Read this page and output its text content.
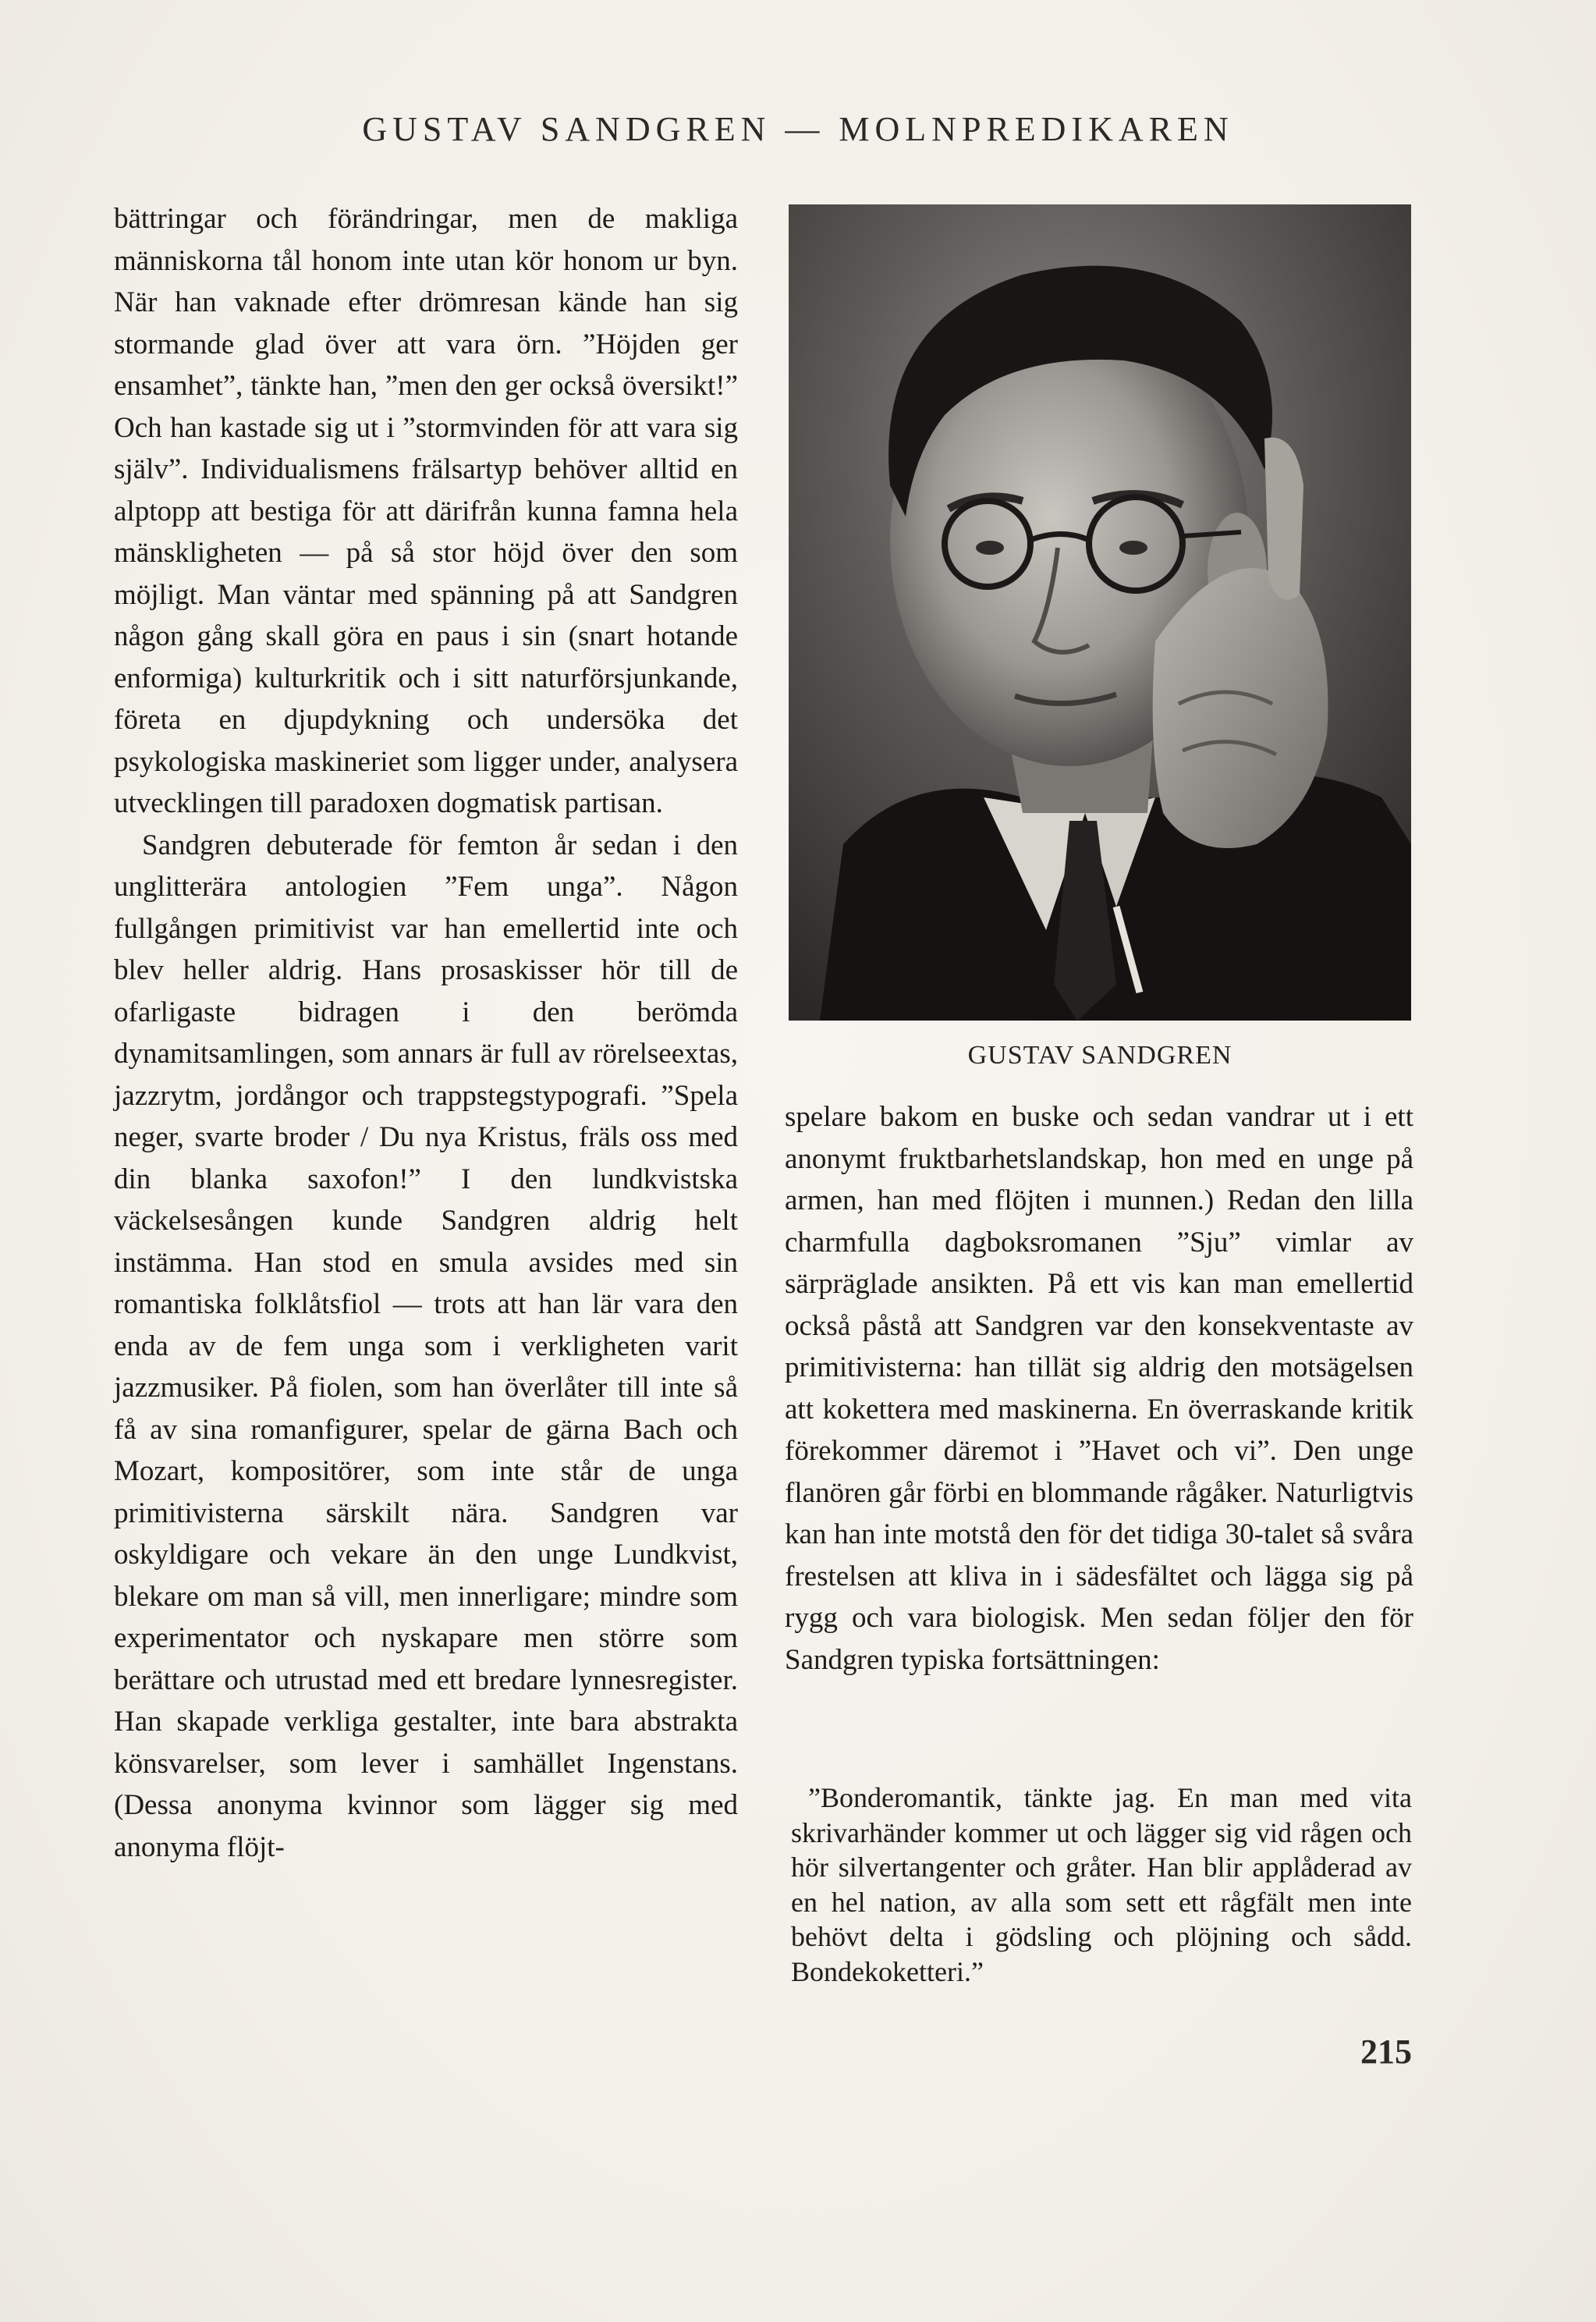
GUSTAV SANDGREN — MOLNPREDIKAREN

bättringar och förändringar, men de makliga människorna tål honom inte utan kör honom ur byn. När han vaknade efter drömresan kände han sig stormande glad över att vara örn. ”Höjden ger ensamhet”, tänkte han, ”men den ger också översikt!” Och han kastade sig ut i ”stormvinden för att vara sig själv”. Individualismens frälsartyp behöver alltid en alptopp att bestiga för att därifrån kunna famna hela mänskligheten — på så stor höjd över den som möjligt. Man väntar med spänning på att Sandgren någon gång skall göra en paus i sin (snart hotande enformiga) kulturkritik och i sitt naturförsjunkande, företa en djupdykning och undersöka det psykologiska maskineriet som ligger under, analysera utvecklingen till paradoxen dogmatisk partisan.

Sandgren debuterade för femton år sedan i den unglitterära antologien ”Fem unga”. Någon fullgången primitivist var han emellertid inte och blev heller aldrig. Hans prosaskisser hör till de ofarligaste bidragen i den berömda dynamitsamlingen, som annars är full av rörelseextas, jazzrytm, jordångor och trappstegstypografi. ”Spela neger, svarte broder / Du nya Kristus, fräls oss med din blanka saxofon!” I den lundkvistska väckelsesången kunde Sandgren aldrig helt instämma. Han stod en smula avsides med sin romantiska folklåtsfiol — trots att han lär vara den enda av de fem unga som i verkligheten varit jazzmusiker. På fiolen, som han överlåter till inte så få av sina romanfigurer, spelar de gärna Bach och Mozart, kompositörer, som inte står de unga primitivisterna särskilt nära. Sandgren var oskyldigare och vekare än den unge Lundkvist, blekare om man så vill, men innerligare; mindre som experimentator och nyskapare men större som berättare och utrustad med ett bredare lynnesregister. Han skapade verkliga gestalter, inte bara abstrakta könsvarelser, som lever i samhället Ingenstans. (Dessa anonyma kvinnor som lägger sig med anonyma flöjt-

GUSTAV SANDGREN

spelare bakom en buske och sedan vandrar ut i ett anonymt fruktbarhetslandskap, hon med en unge på armen, han med flöjten i munnen.) Redan den lilla charmfulla dagboksromanen ”Sju” vimlar av särpräglade ansikten. På ett vis kan man emellertid också påstå att Sandgren var den konsekventaste av primitivisterna: han tillät sig aldrig den motsägelsen att kokettera med maskinerna. En överraskande kritik förekommer däremot i ”Havet och vi”. Den unge flanören går förbi en blommande rågåker. Naturligtvis kan han inte motstå den för det tidiga 30-talet så svåra frestelsen att kliva in i sädesfältet och lägga sig på rygg och vara biologisk. Men sedan följer den för Sandgren typiska fortsättningen:

”Bonderomantik, tänkte jag. En man med vita skrivarhänder kommer ut och lägger sig vid rågen och hör silvertangenter och gråter. Han blir applåderad av en hel nation, av alla som sett ett rågfält men inte behövt delta i gödsling och plöjning och sådd. Bondekoketteri.”
215
